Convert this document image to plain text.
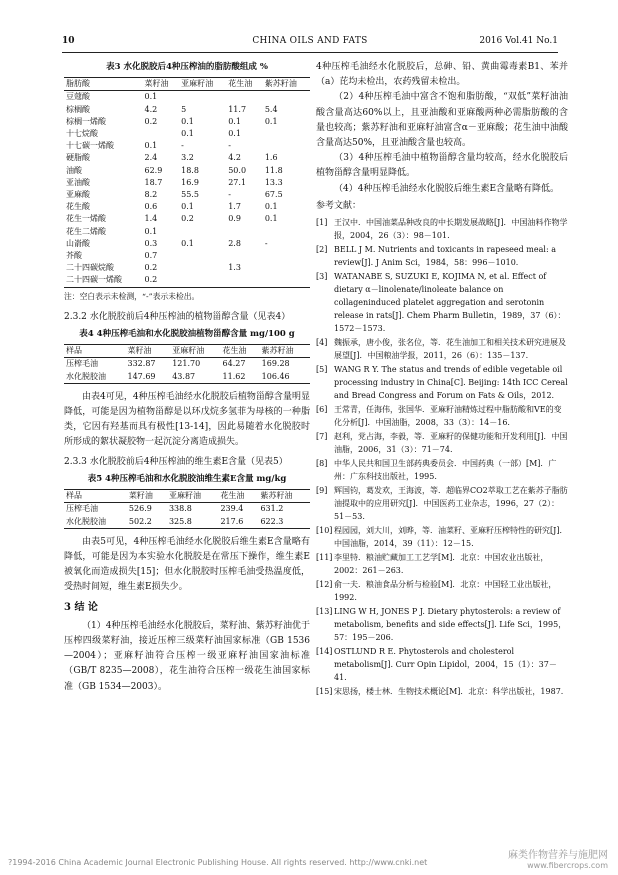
10	CHINA OILS AND FATS	2016 Vol.41 No.1
表3 水化脱胶后4种压榨油的脂肪酸组成 %
脂肪酸	菜籽油	亚麻籽油	花生油	紫苏籽油
豆蔻酸	0.1			
棕榈酸	4.2	5	11.7	5.4
棕榈一烯酸	0.2	0.1	0.1	0.1
十七烷酸		0.1	0.1	
十七碳一烯酸	0.1	-	-	
硬脂酸	2.4	3.2	4.2	1.6
油酸	62.9	18.8	50.0	11.8
亚油酸	18.7	16.9	27.1	13.3
亚麻酸	8.2	55.5	-	67.5
花生酸	0.6	0.1	1.7	0.1
花生一烯酸	1.4	0.2	0.9	0.1
花生二烯酸	0.1			
山嵛酸	0.3	0.1	2.8	-
芥酸	0.7			
二十四碳烷酸	0.2		1.3	
二十四碳一烯酸	0.2			
注：空白表示未检测，“-”表示未检出。
2.3.2 水化脱胶前后4种压榨油的植物甾醇含量（见表4）
表4 4种压榨毛油和水化脱胶油植物甾醇含量 mg/100 g
样品	菜籽油	亚麻籽油	花生油	紫苏籽油
压榨毛油	332.87	121.70	64.27	169.28
水化脱胶油	147.69	43.87	11.62	106.46

由表4可见，4种压榨毛油经水化脱胶后植物甾醇含量明显降低，可能是因为植物甾醇是以环戊烷多氢菲为母核的一种脂类，它因有羟基而具有极性[13-14]，因此易随着水化脱胶时所形成的絮状凝胶物一起沉淀分离造成损失。

2.3.3 水化脱胶前后4种压榨油的维生素E含量（见表5）
表5 4种压榨毛油和水化脱胶油维生素E含量 mg/kg
样品	菜籽油	亚麻籽油	花生油	紫苏籽油
压榨毛油	526.9	338.8	239.4	631.2
水化脱胶油	502.2	325.8	217.6	622.3

由表5可见，4种压榨毛油经水化脱胶后维生素E含量略有降低，可能是因为本实验水化脱胶是在常压下操作，维生素E被氧化而造成损失[15]；但水化脱胶时压榨毛油受热温度低，受热时间短，维生素E损失少。

3 结 论

（1）4种压榨毛油经水化脱胶后，菜籽油、紫苏籽油优于压榨四级菜籽油，接近压榨三级菜籽油国家标准（GB 1536—2004）；亚麻籽油符合压榨一级亚麻籽油国家油标准（GB/T 8235—2008），花生油符合压榨一级花生油国家标准（GB 1534—2003）。

4种压榨毛油经水化脱胶后，总砷、铅、黄曲霉毒素B1、苯并（a）芘均未检出，农药残留未检出。

（2）4种压榨毛油中富含不饱和脂肪酸，“双低”菜籽油油酸含量高达60%以上，且亚油酸和亚麻酸两种必需脂肪酸的含量也较高；紫苏籽油和亚麻籽油富含α－亚麻酸；花生油中油酸含量高达50%，且亚油酸含量也较高。

（3）4种压榨毛油中植物甾醇含量均较高，经水化脱胶后植物甾醇含量明显降低。

（4）4种压榨毛油经水化脱胶后维生素E含量略有降低。

参考文献：
[1] 王汉中．中国油菜品种改良的中长期发展战略[J]．中国油料作物学报，2004，26（3）：98－101.
[2] BELL J M. Nutrients and toxicants in rapeseed meal: a review[J]. J Anim Sci，1984，58：996－1010.
[3] WATANABE S, SUZUKI E, KOJIMA N, et al. Effect of dietary α－linolenate/linoleate balance on collageninduced platelet aggregation and serotonin release in rats[J]. Chem Pharm Bulletin，1989，37（6）：1572－1573.
[4] 魏振承，唐小俊，张名位，等．花生油加工和相关技术研究进展及展望[J]．中国粮油学报，2011，26（6）：135－137.
[5] WANG R Y. The status and trends of edible vegetable oil processing industry in China[C]. Beijing: 14th ICC Cereal and Bread Congress and Forum on Fats & Oils，2012.
[6] 王常青，任海伟，张国华．亚麻籽油精炼过程中脂肪酸和VE的变化分析[J]．中国油脂，2008，33（3）：14－16.
[7] 赵利，党占海，李毅，等．亚麻籽的保健功能和开发利用[J]．中国油脂，2006，31（3）：71－74.
[8] 中华人民共和国卫生部药典委员会．中国药典（一部）[M]．广州：广东科技出版社，1995.
[9] 辉国钧，葛发欢，王海波，等．超临界CO2萃取工艺在紫苏子脂肪油提取中的应用研究[J]．中国医药工业杂志，1996，27（2）：51－53.
[10] 程园园，刘大川，刘晔，等．油菜籽、亚麻籽压榨特性的研究[J]．中国油脂，2014，39（11）：12－15.
[11] 李里特．粮油贮藏加工工艺学[M]．北京：中国农业出版社，2002：261－263.
[12] 俞一夫．粮油食品分析与检验[M]．北京：中国轻工业出版社，1992.
[13] LING W H, JONES P J. Dietary phytosterols: a review of metabolism, benefits and side effects[J]. Life Sci，1995，57：195－206.
[14] OSTLUND R E. Phytosterols and cholesterol metabolism[J]. Curr Opin Lipidol，2004，15（1）：37－41.
[15] 宋思扬，楼士林．生物技术概论[M]．北京：科学出版社，1987.
?1994-2016 China Academic Journal Electronic Publishing House. All rights reserved. http://www.cnki.net
麻类作物营养与施肥网
www.fibercrops.com
